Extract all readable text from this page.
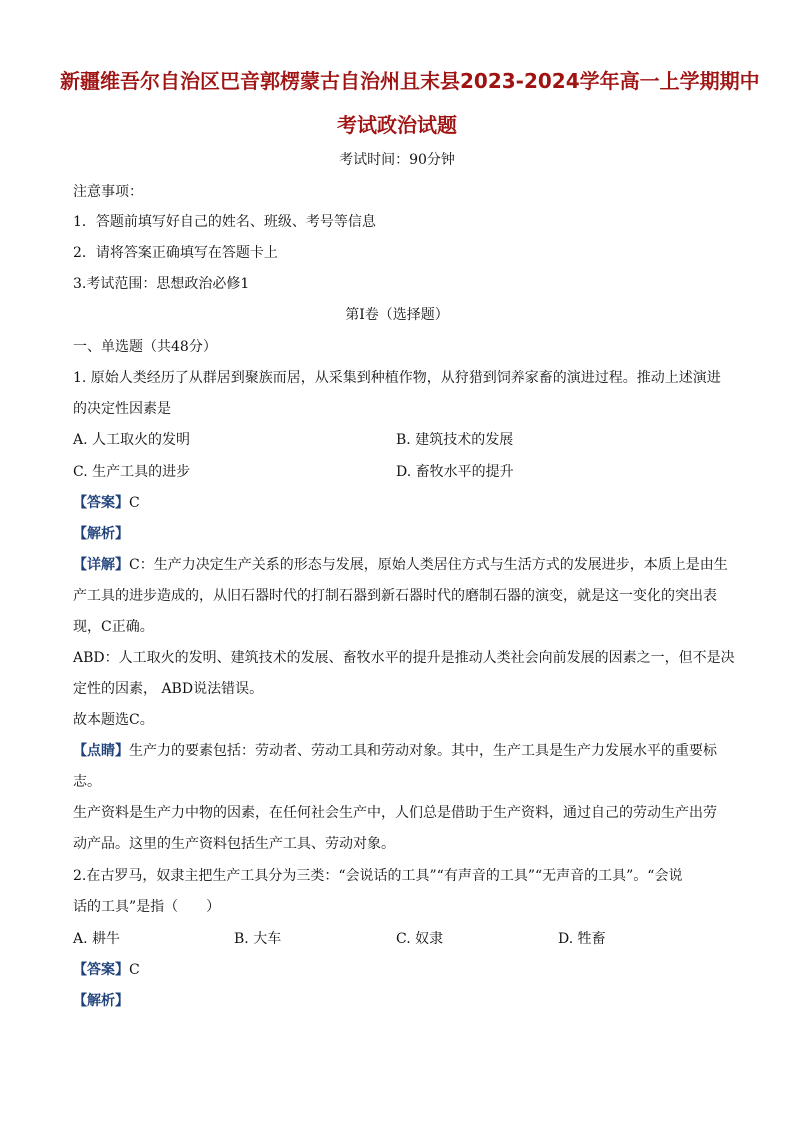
新疆维吾尔自治区巴音郭楞蒙古自治州且末县2023-2024学年高一上学期期中
考试政治试题
考试时间：90分钟
注意事项：
1．答题前填写好自己的姓名、班级、考号等信息
2．请将答案正确填写在答题卡上
3.考试范围：思想政治必修1
第I卷（选择题）
一、单选题（共48分）
1. 原始人类经历了从群居到聚族而居，从采集到种植作物，从狩猎到饲养家畜的演进过程。推动上述演进
的决定性因素是
A. 人工取火的发明	B. 建筑技术的发展
C. 生产工具的进步	D. 畜牧水平的提升
【答案】C
【解析】
【详解】C：生产力决定生产关系的形态与发展，原始人类居住方式与生活方式的发展进步，本质上是由生
产工具的进步造成的，从旧石器时代的打制石器到新石器时代的磨制石器的演变，就是这一变化的突出表
现，C正确。
ABD：人工取火的发明、建筑技术的发展、畜牧水平的提升是推动人类社会向前发展的因素之一，但不是决
定性的因素， ABD说法错误。
故本题选C。
【点睛】生产力的要素包括：劳动者、劳动工具和劳动对象。其中，生产工具是生产力发展水平的重要标
志。
生产资料是生产力中物的因素，在任何社会生产中，人们总是借助于生产资料，通过自己的劳动生产出劳
动产品。这里的生产资料包括生产工具、劳动对象。
2.在古罗马，奴隶主把生产工具分为三类：“会说话的工具”“有声音的工具”“无声音的工具”。“会说
话的工具”是指（　　）
A. 耕牛	B. 大车	C. 奴隶	D. 牲畜
【答案】C
【解析】
